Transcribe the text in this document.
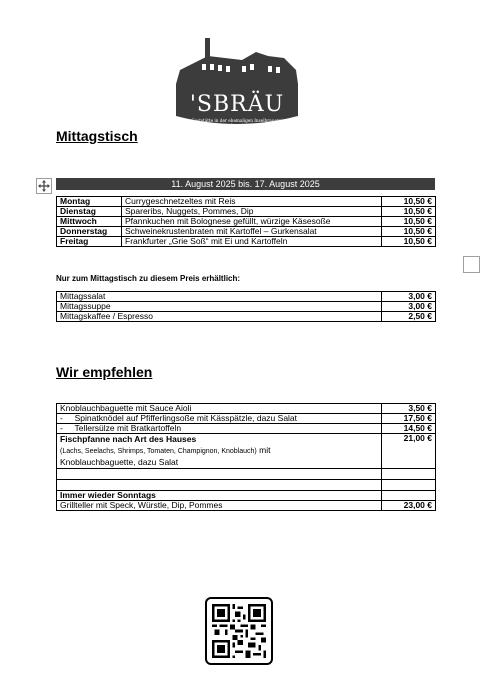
'SBRÄU
Gaststätte in der ehemaligen Inselbrauerei
Mittagstisch
11. August 2025 bis. 17. August 2025
Montag	Currygeschnetzeltes mit Reis	10,50 €
Dienstag	Spareribs, Nuggets, Pommes, Dip	10,50 €
Mittwoch	Pfannkuchen mit Bolognese gefüllt, würzige Käsesoße	10,50 €
Donnerstag	Schweinekrustenbraten mit Kartoffel – Gurkensalat	10,50 €
Freitag	Frankfurter „Grie Soß“ mit Ei und Kartoffeln	10,50 €
Nur zum Mittagstisch zu diesem Preis erhältlich:
Mittagssalat	3,00 €
Mittagssuppe	3,00 €
Mittagskaffee / Espresso	2,50 €
Wir empfehlen
Knoblauchbaguette mit Sauce Aioli	3,50 €
-     Spinatknödel auf Pfifferlingsoße mit Kässpätzle, dazu Salat	17,50 €
-     Tellersülze mit Bratkartoffeln	14,50 €
Fischpfanne nach Art des Hauses
(Lachs, Seelachs, Shrimps, Tomaten, Champignon, Knoblauch) mit
Knoblauchbaguette, dazu Salat	21,00 €

Immer wieder Sonntags	
Grillteller mit Speck, Würstle, Dip, Pommes	23,00 €
